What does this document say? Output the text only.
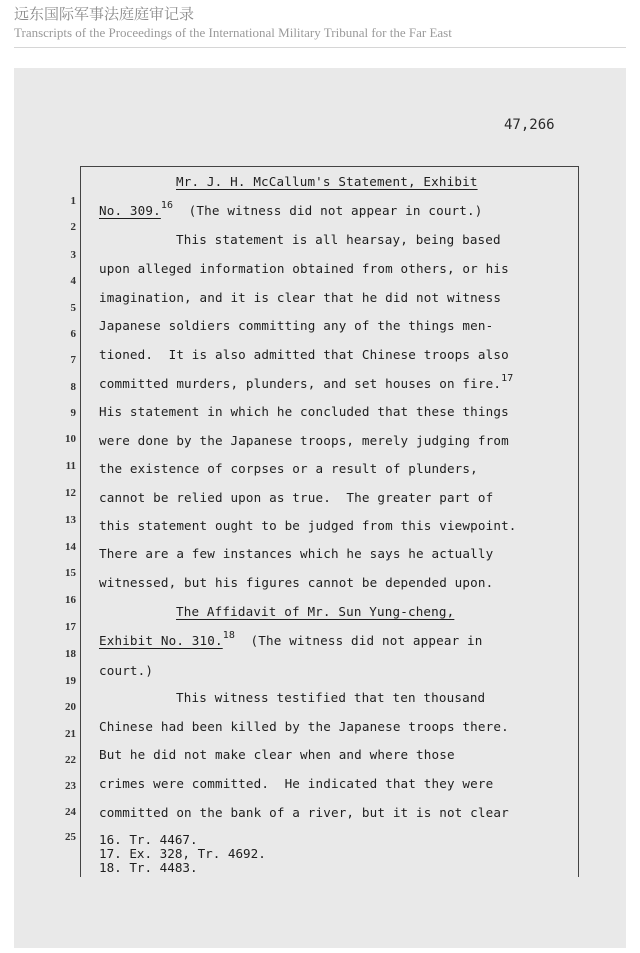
远东国际军事法庭庭审记录
Transcripts of the Proceedings of the International Military Tribunal for the Far East
47,266
1
2
3
4
5
6
7
8
9
10
11
12
13
14
15
16
17
18
19
20
21
22
23
24
25
Mr. J. H. McCallum's Statement, Exhibit
No. 309.16 (The witness did not appear in court.)
This statement is all hearsay, being based
upon alleged information obtained from others, or his
imagination, and it is clear that he did not witness
Japanese soldiers committing any of the things men-
tioned.  It is also admitted that Chinese troops also
committed murders, plunders, and set houses on fire.$^{17}$
His statement in which he concluded that these things
were done by the Japanese troops, merely judging from
the existence of corpses or a result of plunders,
cannot be relied upon as true.  The greater part of
this statement ought to be judged from this viewpoint.
There are a few instances which he says he actually
witnessed, but his figures cannot be depended upon.
The Affidavit of Mr. Sun Yung-cheng,
Exhibit No. 310.18 (The witness did not appear in
court.)
This witness testified that ten thousand
Chinese had been killed by the Japanese troops there.
But he did not make clear when and where those
crimes were committed.  He indicated that they were
committed on the bank of a river, but it is not clear
16. Tr. 4467.
17. Ex. 328, Tr. 4692.
18. Tr. 4483.
